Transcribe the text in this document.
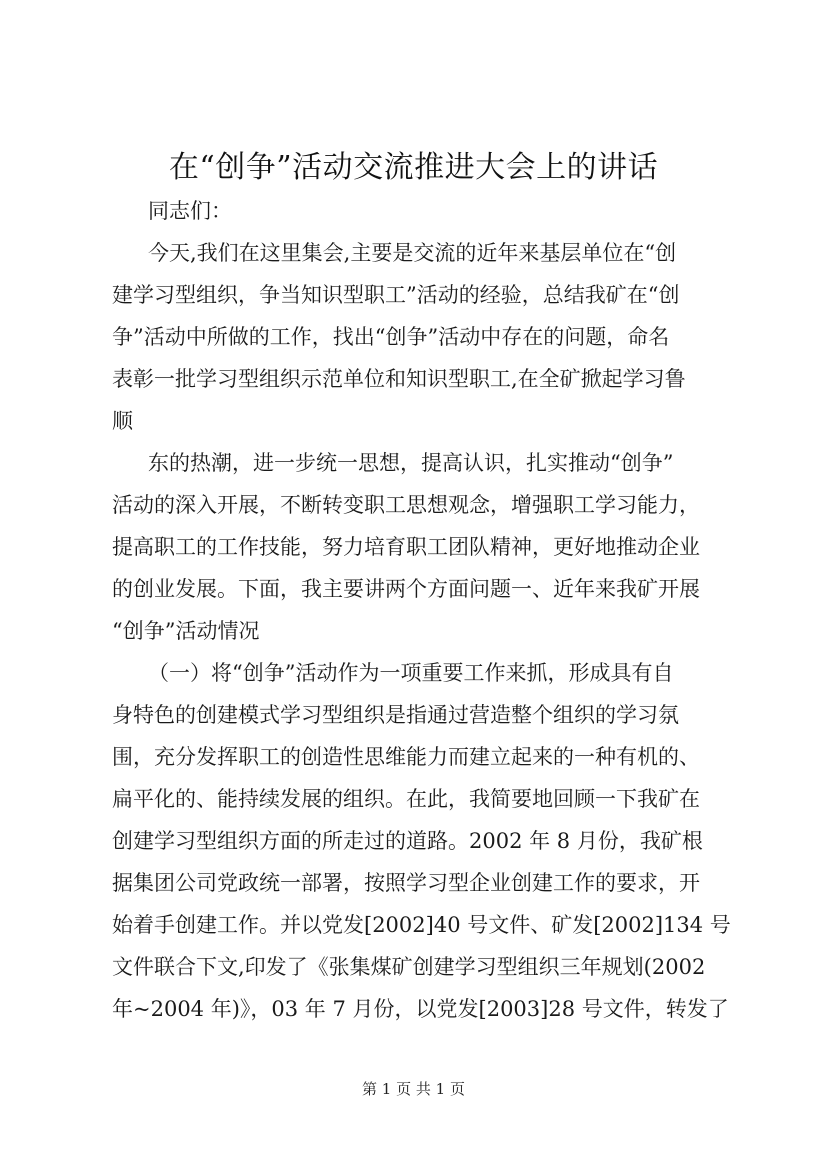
在“创争”活动交流推进大会上的讲话
同志们：
今天,我们在这里集会,主要是交流的近年来基层单位在“创
建学习型组织，争当知识型职工”活动的经验，总结我矿在“创
争”活动中所做的工作，找出“创争”活动中存在的问题，命名
表彰一批学习型组织示范单位和知识型职工,在全矿掀起学习鲁
顺
东的热潮，进一步统一思想，提高认识，扎实推动“创争”
活动的深入开展，不断转变职工思想观念，增强职工学习能力，
提高职工的工作技能，努力培育职工团队精神，更好地推动企业
的创业发展。下面，我主要讲两个方面问题一、近年来我矿开展
“创争”活动情况
（一）将“创争”活动作为一项重要工作来抓，形成具有自
身特色的创建模式学习型组织是指通过营造整个组织的学习氛
围，充分发挥职工的创造性思维能力而建立起来的一种有机的、
扁平化的、能持续发展的组织。在此，我简要地回顾一下我矿在
创建学习型组织方面的所走过的道路。2002 年 8 月份，我矿根
据集团公司党政统一部署，按照学习型企业创建工作的要求，开
始着手创建工作。并以党发[2002]40 号文件、矿发[2002]134 号
文件联合下文,印发了《张集煤矿创建学习型组织三年规划(2002
年~2004 年)》，03 年 7 月份，以党发[2003]28 号文件，转发了
第 1 页 共 1 页
